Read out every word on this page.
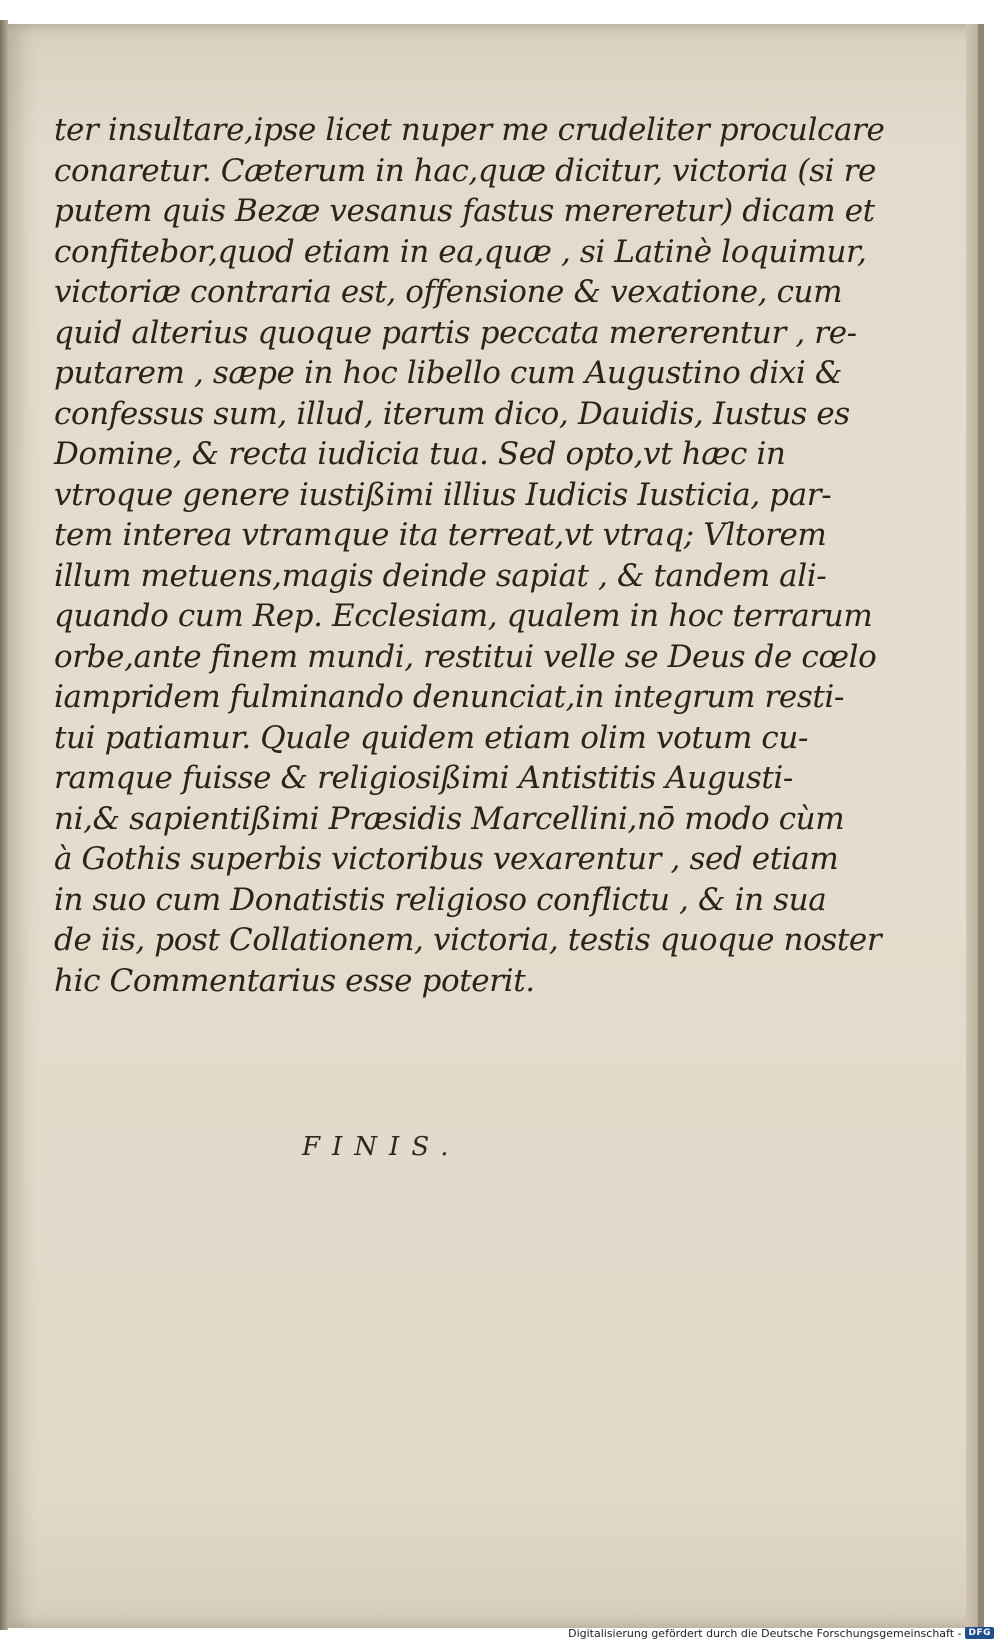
ter insultare,ipse licet nuper me crudeliter proculcare
conaretur. Cæterum in hac,quæ dicitur, victoria (si re
putem quis Bezæ vesanus fastus mereretur) dicam et
confitebor,quod etiam in ea,quæ , si Latinè loquimur,
victoriæ contraria est, offensione & vexatione, cum
quid alterius quoque partis peccata mererentur , re-
putarem , sæpe in hoc libello cum Augustino dixi &
confessus sum, illud, iterum dico, Dauidis, Iustus es
Domine, & recta iudicia tua. Sed opto,vt hæc in
vtroque genere iustißimi illius Iudicis Iusticia, par-
tem interea vtramque ita terreat,vt vtraq; Vltorem
illum metuens,magis deinde sapiat , & tandem ali-
quando cum Rep. Ecclesiam, qualem in hoc terrarum
orbe,ante finem mundi, restitui velle se Deus de cœlo
iampridem fulminando denunciat,in integrum resti-
tui patiamur. Quale quidem etiam olim votum cu-
ramque fuisse & religiosißimi Antistitis Augusti-
ni,& sapientißimi Præsidis Marcellini,nō modo cùm
à Gothis superbis victoribus vexarentur , sed etiam
in suo cum Donatistis religioso conflictu , & in sua
de iis, post Collationem, victoria, testis quoque noster
hic Commentarius esse poterit.
FINIS.
Digitalisierung gefördert durch die Deutsche Forschungsgemeinschaft - DFG
